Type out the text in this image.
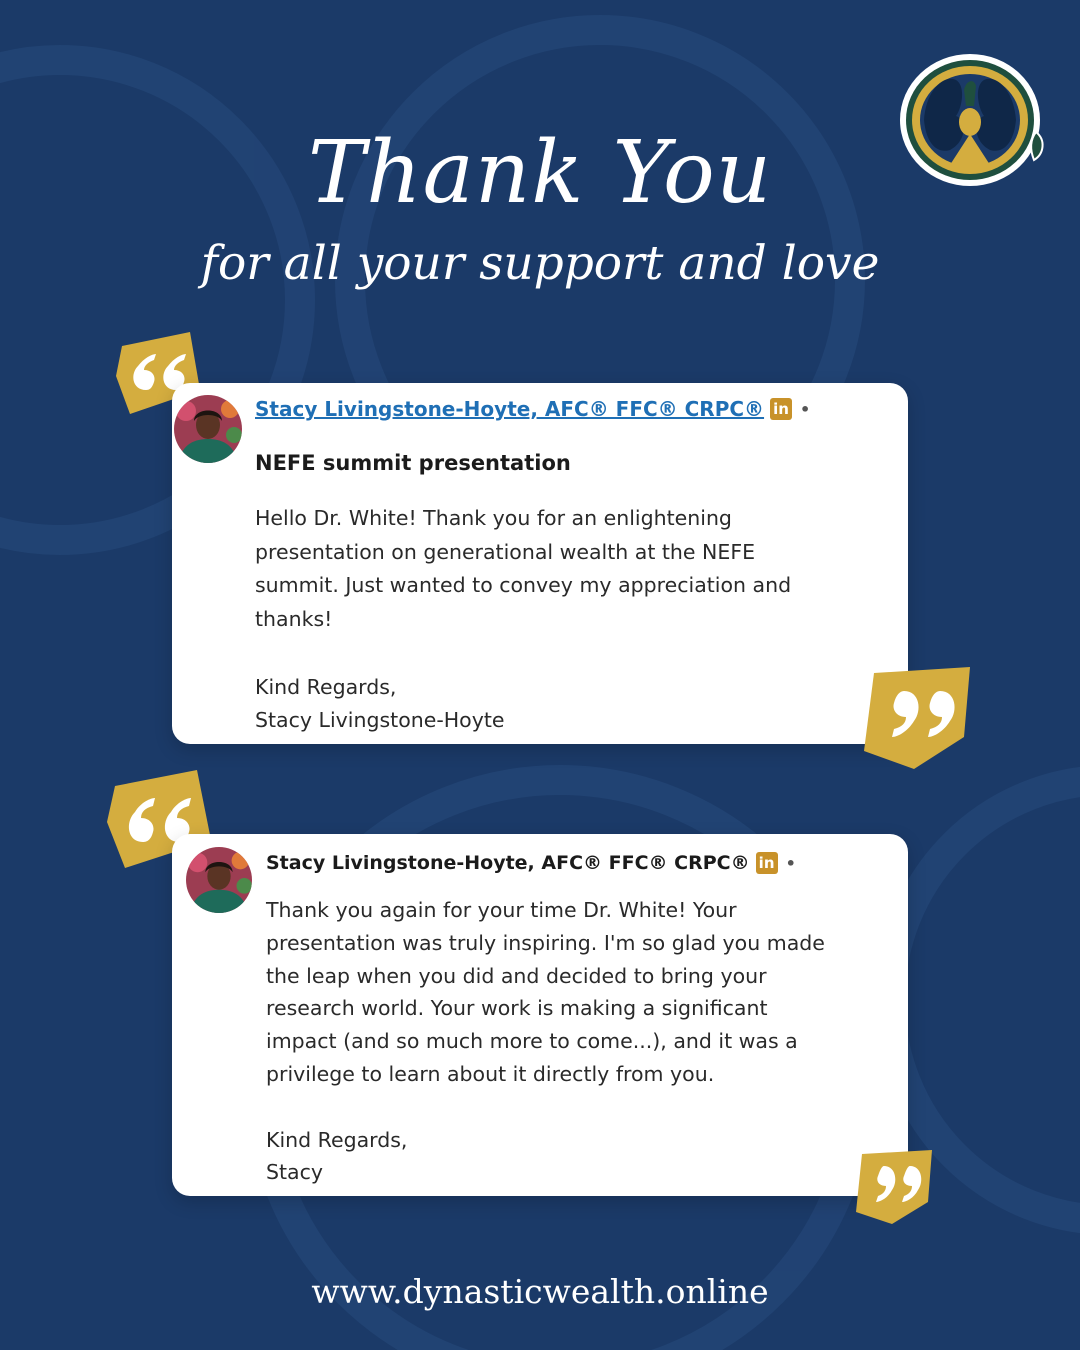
Thank You
for all your support and love
Stacy Livingstone-Hoyte, AFC® FFC® CRPC® in •
NEFE summit presentation
Hello Dr. White! Thank you for an enlightening
presentation on generational wealth at the NEFE
summit. Just wanted to convey my appreciation and
thanks!

Kind Regards,
Stacy Livingstone-Hoyte
Stacy Livingstone-Hoyte, AFC® FFC® CRPC® in •
Thank you again for your time Dr. White! Your
presentation was truly inspiring. I'm so glad you made
the leap when you did and decided to bring your
research world. Your work is making a significant
impact (and so much more to come...), and it was a
privilege to learn about it directly from you.

Kind Regards,
Stacy
www.dynasticwealth.online
